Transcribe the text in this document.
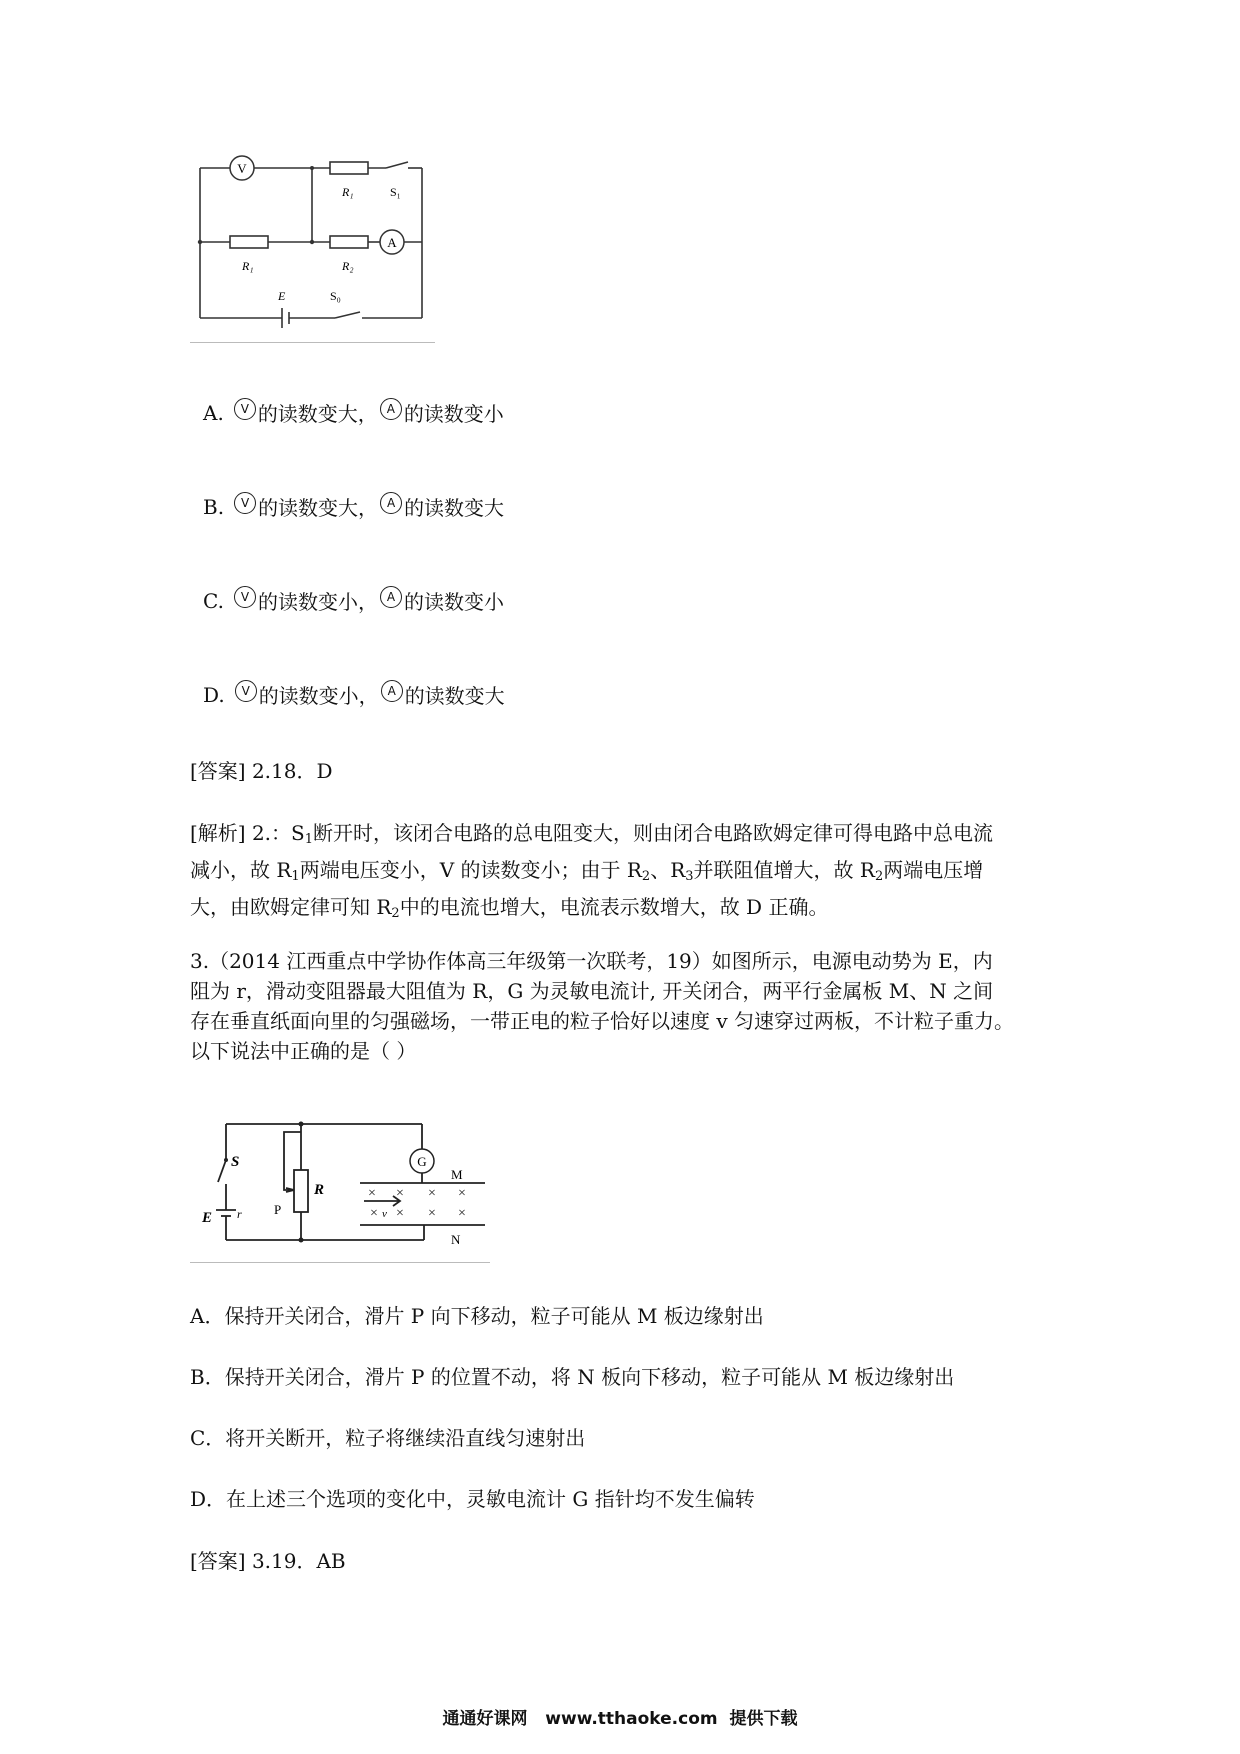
V
A
R₁	S₁
R₁	R₂
E	S₀
A.	V 的读数变大， A 的读数变小
B.	V 的读数变大， A 的读数变大
C.	V 的读数变小， A 的读数变小
D.	V 的读数变小， A 的读数变大
[答案] 2.18．D
[解析] 2.：$S_1$断开时，该闭合电路的总电阻变大，则由闭合电路欧姆定律可得电路中总电流
减小，故 $R_1$两端电压变小，V 的读数变小；由于 $R_2$、$R_3$并联阻值增大，故 $R_2$两端电压增
大，由欧姆定律可知 $R_2$中的电流也增大，电流表示数增大，故 D 正确。
3.（2014 江西重点中学协作体高三年级第一次联考，19）如图所示，电源电动势为 E，内
阻为 r，滑动变阻器最大阻值为 R，G 为灵敏电流计, 开关闭合，两平行金属板 M、N 之间
存在垂直纸面向里的匀强磁场，一带正电的粒子恰好以速度 v 匀速穿过两板，不计粒子重力。
以下说法中正确的是（ ）
G
× × × ×
× × × ×
S
E r P
R
M
N
v
A．保持开关闭合，滑片 P 向下移动，粒子可能从 M 板边缘射出
B．保持开关闭合，滑片 P 的位置不动，将 N 板向下移动，粒子可能从 M 板边缘射出
C．将开关断开，粒子将继续沿直线匀速射出
D．在上述三个选项的变化中，灵敏电流计 G 指针均不发生偏转
[答案] 3.19．AB
通通好课网   www.tthaoke.com  提供下载
